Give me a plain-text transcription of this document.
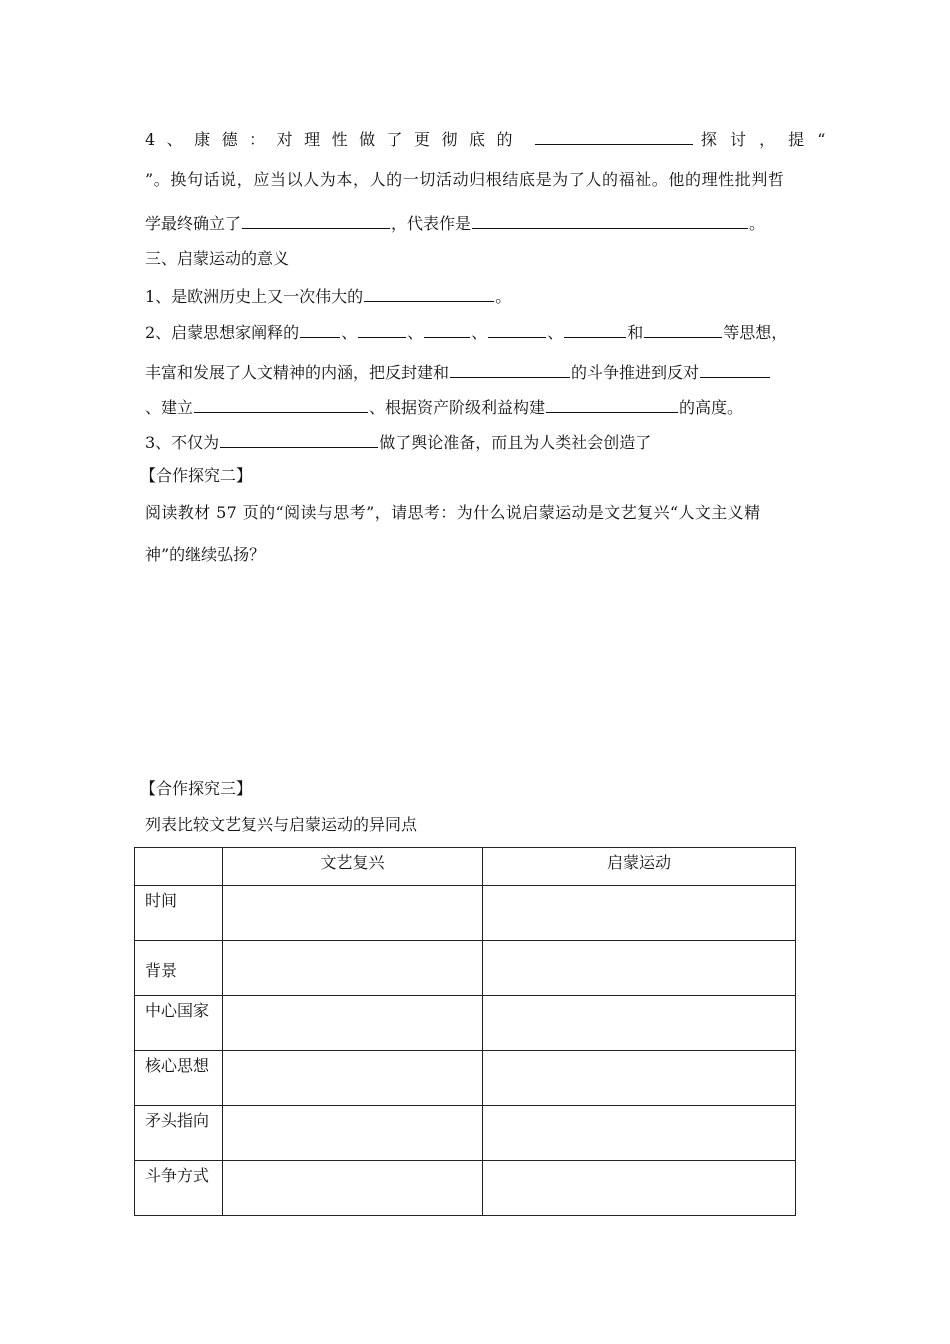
4 、 康 德 ： 对 理 性 做 了 更 彻 底 的	探 讨 ， 提 “
”。换句话说，应当以人为本，人的一切活动归根结底是为了人的福祉。他的理性批判哲
学最终确立了	，代表作是	。
三、启蒙运动的意义
1、是欧洲历史上又一次伟大的	。
2、启蒙思想家阐释的	、	、	、	、	和	等思想，
丰富和发展了人文精神的内涵，把反封建和	的斗争推进到反对
、建立	、根据资产阶级利益构建	的高度。
3、不仅为	做了舆论准备，而且为人类社会创造了
【合作探究二】
阅读教材 57 页的“阅读与思考”，请思考：为什么说启蒙运动是文艺复兴“人文主义精
神”的继续弘扬？
【合作探究三】
列表比较文艺复兴与启蒙运动的异同点
	文艺复兴	启蒙运动
时间		
背景		
中心国家		
核心思想		
矛头指向		
斗争方式		
